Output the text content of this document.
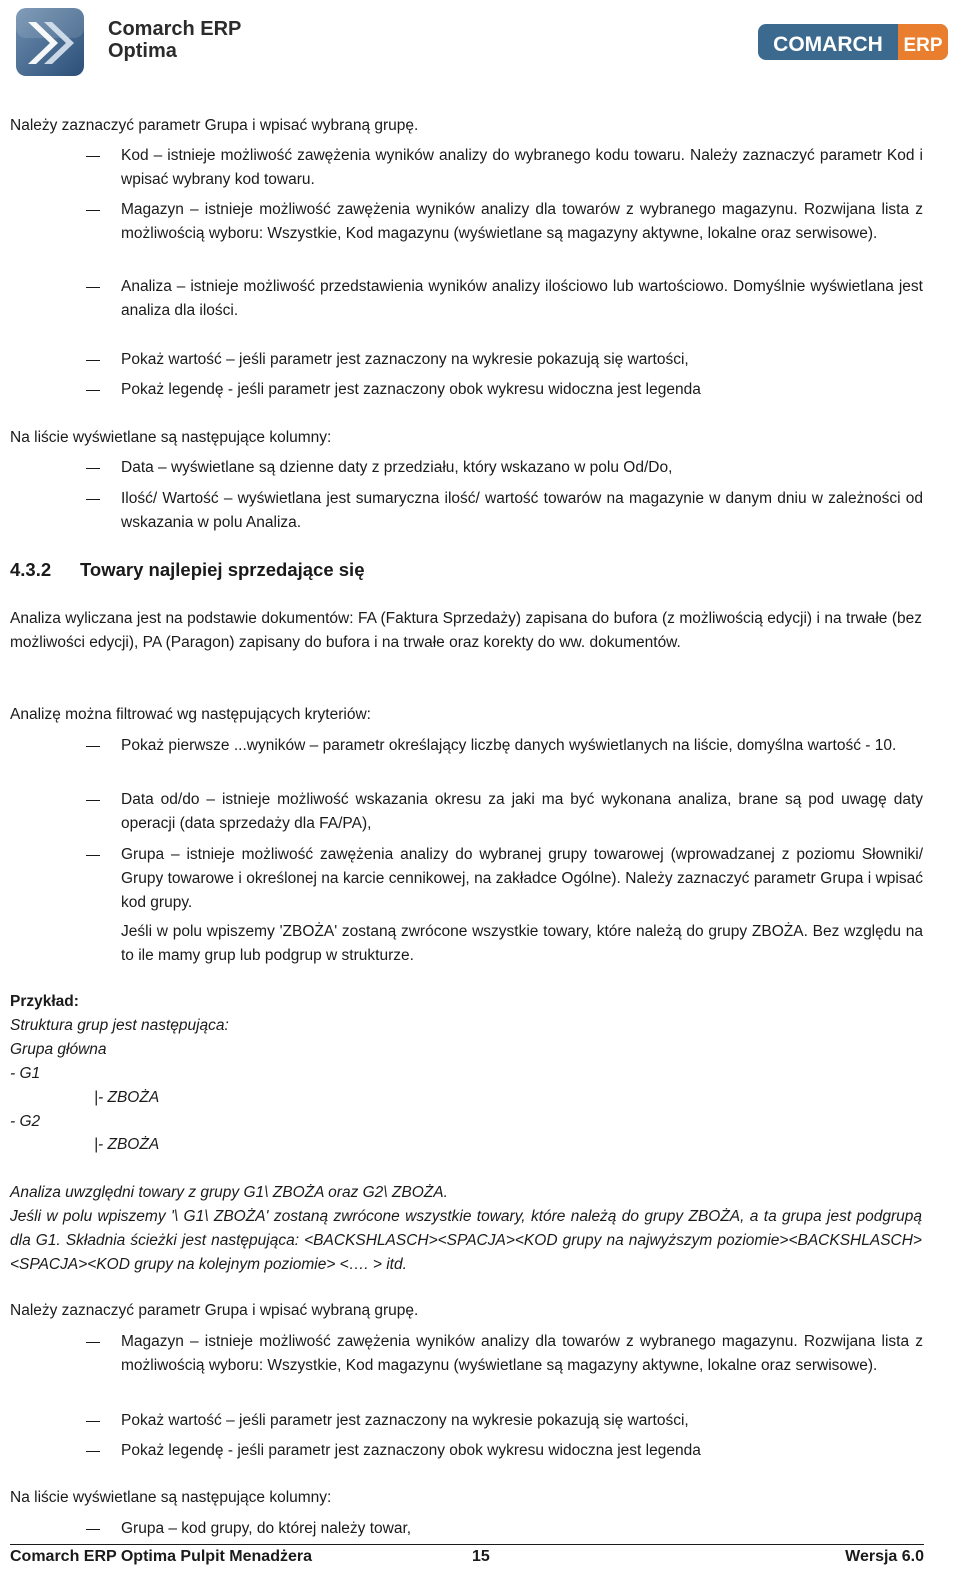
Comarch ERP
Optima	COMARCH ERP
Należy zaznaczyć parametr Grupa i wpisać wybraną grupę.
Kod – istnieje możliwość zawężenia wyników analizy do wybranego kodu towaru. Należy zaznaczyć parametr Kod i wpisać wybrany kod towaru.
Magazyn – istnieje możliwość zawężenia wyników analizy dla towarów z wybranego magazynu. Rozwijana lista z możliwością wyboru: Wszystkie, Kod magazynu (wyświetlane są magazyny aktywne, lokalne oraz serwisowe).
Analiza – istnieje możliwość przedstawienia wyników analizy ilościowo lub wartościowo. Domyślnie wyświetlana jest analiza dla ilości.
Pokaż wartość – jeśli parametr jest zaznaczony na wykresie pokazują się wartości,
Pokaż legendę - jeśli parametr jest zaznaczony obok wykresu widoczna jest legenda
Na liście wyświetlane są następujące kolumny:
Data – wyświetlane są dzienne daty z przedziału, który wskazano w polu Od/Do,
Ilość/ Wartość – wyświetlana jest sumaryczna ilość/ wartość towarów na magazynie w danym dniu w zależności od wskazania w polu Analiza.
4.3.2 Towary najlepiej sprzedające się
Analiza wyliczana jest na podstawie dokumentów: FA (Faktura Sprzedaży) zapisana do bufora (z możliwością edycji) i na trwałe (bez możliwości edycji), PA (Paragon) zapisany do bufora i na trwałe oraz korekty do ww. dokumentów.
Analizę można filtrować wg następujących kryteriów:
Pokaż pierwsze ...wyników – parametr określający liczbę danych wyświetlanych na liście, domyślna wartość - 10.
Data od/do – istnieje możliwość wskazania okresu za jaki ma być wykonana analiza, brane są pod uwagę daty operacji (data sprzedaży dla FA/PA),
Grupa – istnieje możliwość zawężenia analizy do wybranej grupy towarowej (wprowadzanej z poziomu Słowniki/ Grupy towarowe i określonej na karcie cennikowej, na zakładce Ogólne). Należy zaznaczyć parametr Grupa i wpisać kod grupy.
Jeśli w polu wpiszemy 'ZBOŻA' zostaną zwrócone wszystkie towary, które należą do grupy ZBOŻA. Bez względu na to ile mamy grup lub podgrup w strukturze.
Przykład:
Struktura grup jest następująca:
Grupa główna
- G1
|- ZBOŻA
- G2
|- ZBOŻA
Analiza uwzględni towary z grupy G1\ ZBOŻA oraz G2\ ZBOŻA.
Jeśli w polu wpiszemy '\ G1\ ZBOŻA' zostaną zwrócone wszystkie towary, które należą do grupy ZBOŻA, a ta grupa jest podgrupą dla G1. Składnia ścieżki jest następująca: <BACKSHLASCH><SPACJA><KOD grupy na najwyższym poziomie><BACKSHLASCH><SPACJA><KOD grupy na kolejnym poziomie> <…. > itd.
Należy zaznaczyć parametr Grupa i wpisać wybraną grupę.
Magazyn – istnieje możliwość zawężenia wyników analizy dla towarów z wybranego magazynu. Rozwijana lista z możliwością wyboru: Wszystkie, Kod magazynu (wyświetlane są magazyny aktywne, lokalne oraz serwisowe).
Pokaż wartość – jeśli parametr jest zaznaczony na wykresie pokazują się wartości,
Pokaż legendę - jeśli parametr jest zaznaczony obok wykresu widoczna jest legenda
Na liście wyświetlane są następujące kolumny:
Grupa – kod grupy, do której należy towar,
Comarch ERP Optima Pulpit Menadżera	15	Wersja 6.0
